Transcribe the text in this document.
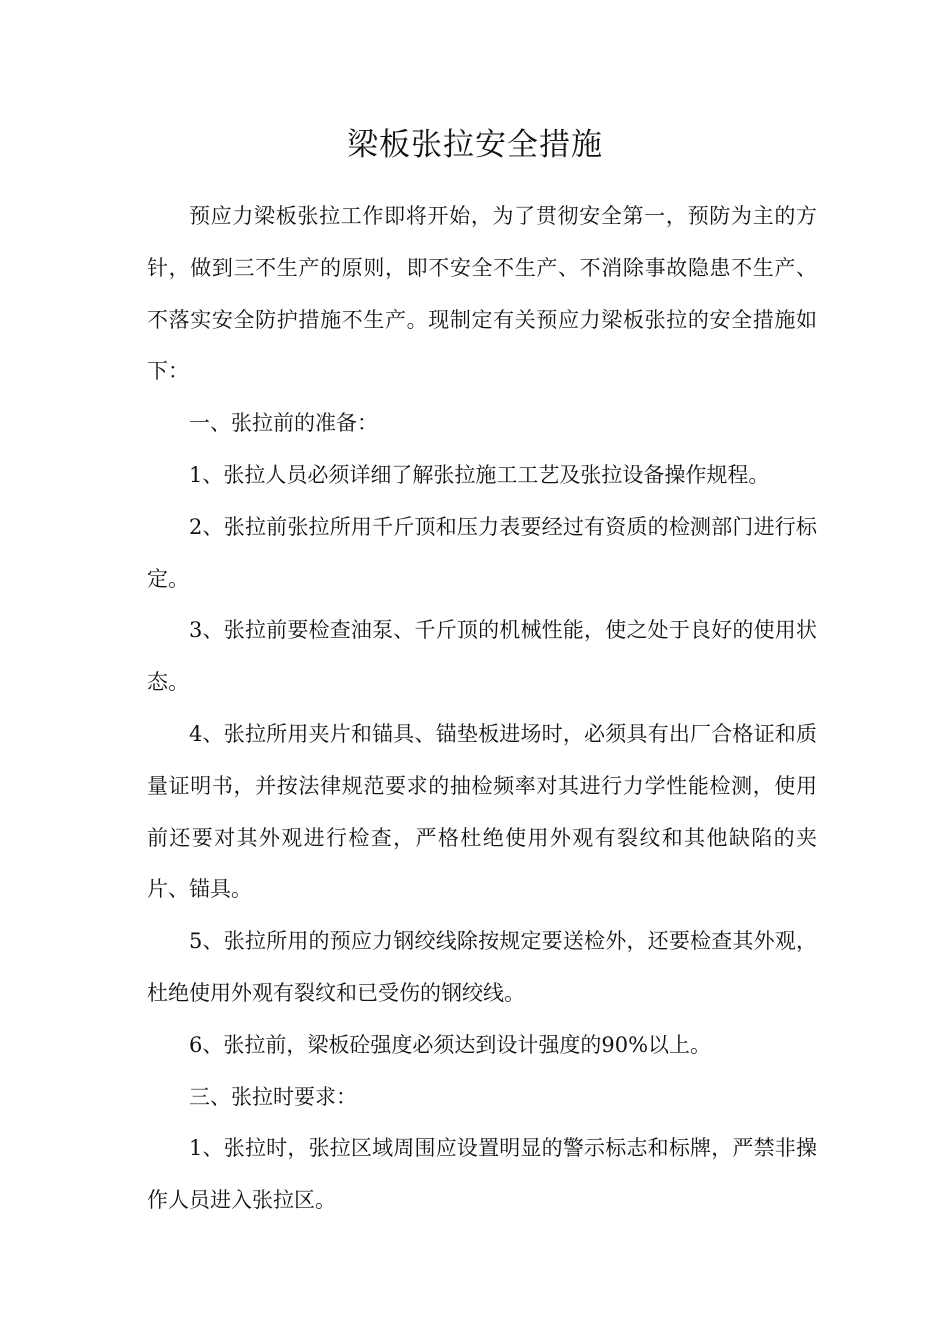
梁板张拉安全措施

预应力梁板张拉工作即将开始，为了贯彻安全第一，预防为主的方针，做到三不生产的原则，即不安全不生产、不消除事故隐患不生产、不落实安全防护措施不生产。现制定有关预应力梁板张拉的安全措施如下：

一、张拉前的准备：

1、张拉人员必须详细了解张拉施工工艺及张拉设备操作规程。

2、张拉前张拉所用千斤顶和压力表要经过有资质的检测部门进行标定。

3、张拉前要检查油泵、千斤顶的机械性能，使之处于良好的使用状态。

4、张拉所用夹片和锚具、锚垫板进场时，必须具有出厂合格证和质量证明书，并按法律规范要求的抽检频率对其进行力学性能检测，使用前还要对其外观进行检查，严格杜绝使用外观有裂纹和其他缺陷的夹片、锚具。

5、张拉所用的预应力钢绞线除按规定要送检外，还要检查其外观，杜绝使用外观有裂纹和已受伤的钢绞线。

6、张拉前，梁板砼强度必须达到设计强度的90%以上。

三、张拉时要求：

1、张拉时，张拉区域周围应设置明显的警示标志和标牌，严禁非操作人员进入张拉区。
